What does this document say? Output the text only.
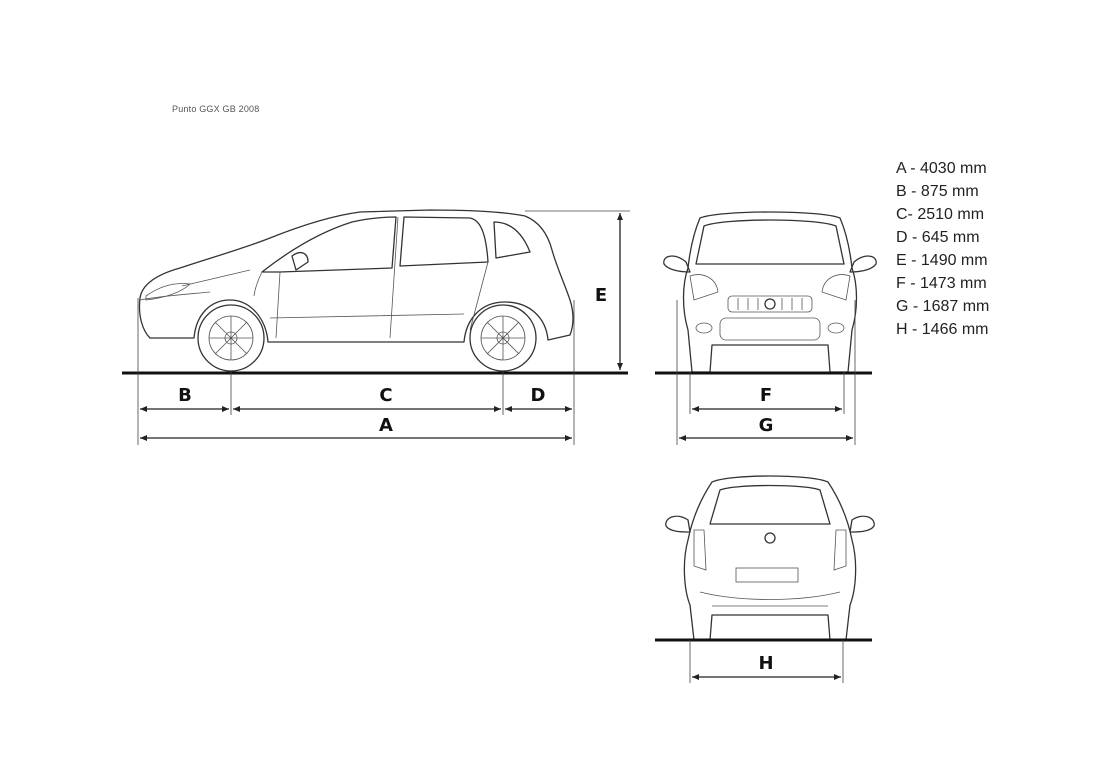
Punto GGX GB 2008
A - 4030 mm
B - 875 mm
C- 2510 mm
D - 645 mm
E - 1490 mm
F - 1473 mm
G - 1687 mm
H - 1466 mm
B	C	D
A
E
F
G
H
